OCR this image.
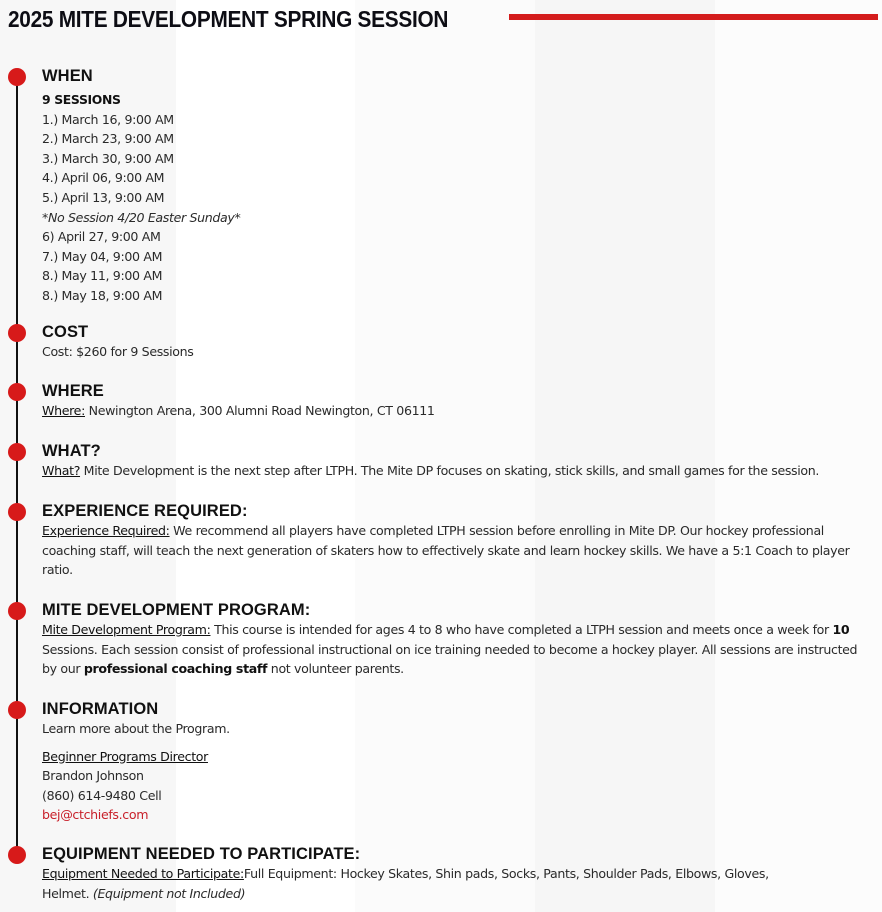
2025 MITE DEVELOPMENT SPRING SESSION
WHEN
9 SESSIONS
1.) March 16, 9:00 AM
2.) March 23, 9:00 AM
3.) March 30, 9:00 AM
4.) April 06, 9:00 AM
5.) April 13, 9:00 AM
*No Session 4/20 Easter Sunday*
6) April 27, 9:00 AM
7.) May 04, 9:00 AM
8.) May 11, 9:00 AM
8.) May 18, 9:00 AM
COST
Cost: $260 for 9 Sessions
WHERE
Where: Newington Arena, 300 Alumni Road Newington, CT 06111
WHAT?
What? Mite Development is the next step after LTPH. The Mite DP focuses on skating, stick skills, and small games for the session.
EXPERIENCE REQUIRED:
Experience Required: We recommend all players have completed LTPH session before enrolling in Mite DP. Our hockey professional coaching staff, will teach the next generation of skaters how to effectively skate and learn hockey skills. We have a 5:1 Coach to player ratio.
MITE DEVELOPMENT PROGRAM:
Mite Development Program: This course is intended for ages 4 to 8 who have completed a LTPH session and meets once a week for 10 Sessions. Each session consist of professional instructional on ice training needed to become a hockey player. All sessions are instructed by our professional coaching staff not volunteer parents.
INFORMATION
Learn more about the Program.
Beginner Programs Director
Brandon Johnson
(860) 614-9480 Cell
bej@ctchiefs.com
EQUIPMENT NEEDED TO PARTICIPATE:
Equipment Needed to Participate:Full Equipment: Hockey Skates, Shin pads, Socks, Pants, Shoulder Pads, Elbows, Gloves, Helmet. (Equipment not Included)
